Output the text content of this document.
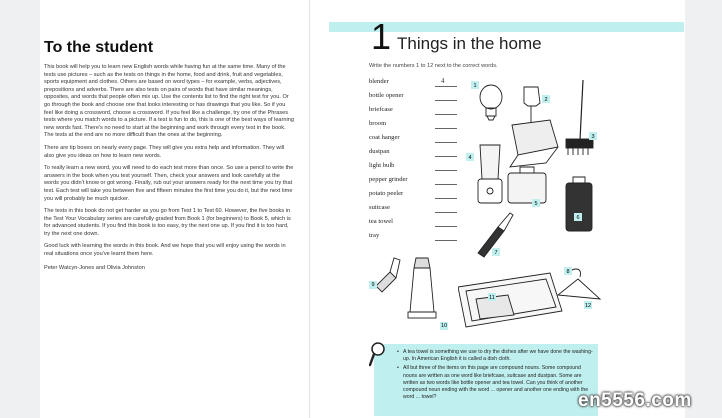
To the student

This book will help you to learn new English words while having fun at the same time. Many of the tests use pictures – such as the tests on things in the home, food and drink, fruit and vegetables, sports equipment and clothes. Others are based on word types – for example, verbs, adjectives, prepositions and adverbs. There are also tests on pairs of words that have similar meanings, opposites, and words that people often mix up. Use the contents list to find the right test for you. Or go through the book and choose one that looks interesting or has drawings that you like. So if you feel like doing a crossword, choose a crossword. If you feel like a challenge, try one of the Phrases tests where you match words to a picture. If a test is fun to do, this is one of the best ways of learning new words fast. There's no need to start at the beginning and work through every test in the book. The tests at the end are no more difficult than the ones at the beginning.

There are tip boxes on nearly every page. They will give you extra help and information. They will also give you ideas on how to learn new words.

To really learn a new word, you will need to do each test more than once. So use a pencil to write the answers in the book when you test yourself. Then, check your answers and look carefully at the words you didn't know or got wrong. Finally, rub out your answers ready for the next time you try that test. Each test will take you between five and fifteen minutes the first time you do it, but the next time you will probably be much quicker.

The tests in this book do not get harder as you go from Test 1 to Test 60. However, the five books in the Test Your Vocabulary series are carefully graded from Book 1 (for beginners) to Book 5, which is for advanced students. If you find this book is too easy, try the next one up. If you find it is too hard, try the next one down.

Good luck with learning the words in this book. And we hope that you will enjoy using the words in real situations once you've learnt them here.

Peter Watcyn-Jones and Olivia Johnston

1 Things in the home
Write the numbers 1 to 12 next to the correct words.
blender	4
bottle opener
briefcase
broom
coat hanger
dustpan
light bulb
pepper grinder
potato peeler
suitcase
tea towel
tray
1
2
3
4
5
6
7
8
11
12
• A tea towel is something we use to dry the dishes after we have done the washing-up. In American English it is called a dish cloth.
• All but three of the items on this page are compound nouns. Some compound nouns are written as one word like briefcase, suitcase and dustpan. Some are written as two words like bottle opener and tea towel. Can you think of another compound noun ending with the word ... opener and another one ending with the word ... towel?	en5556.com
9
10
